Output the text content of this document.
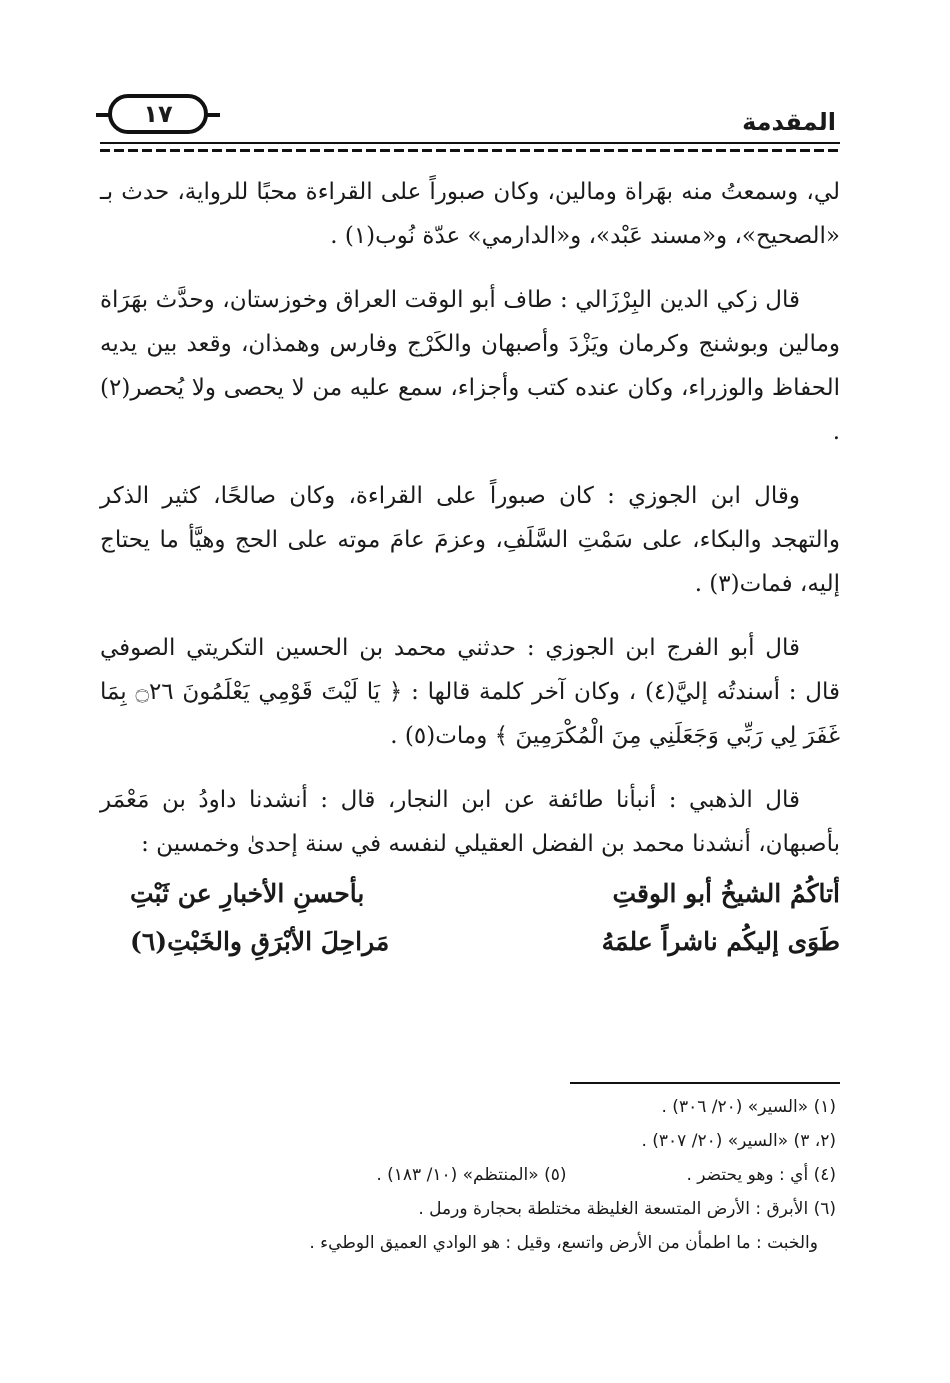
١٧	المقدمة

لي، وسمعتُ منه بهَراة ومالين، وكان صبوراً على القراءة محبًا للرواية، حدث بـ «الصحيح»، و«مسند عَبْد»، و«الدارمي» عدّة نُوب(١) .

قال زكي الدين البِرْزَالي : طاف أبو الوقت العراق وخوزستان، وحدَّث بهَرَاة ومالين وبوشنج وكرمان ويَزْدَ وأصبهان والكَرْج وفارس وهمذان، وقعد بين يديه الحفاظ والوزراء، وكان عنده كتب وأجزاء، سمع عليه من لا يحصى ولا يُحصر(٢) .

وقال ابن الجوزي : كان صبوراً على القراءة، وكان صالحًا، كثير الذكر والتهجد والبكاء، على سَمْتِ السَّلَفِ، وعزمَ عامَ موته على الحج وهيَّأ ما يحتاج إليه، فمات(٣) .

قال أبو الفرج ابن الجوزي : حدثني محمد بن الحسين التكريتي الصوفي قال : أسندتُه إليَّ(٤) ، وكان آخر كلمة قالها : ﴿ يَا لَيْتَ قَوْمِي يَعْلَمُونَ ۝٢٦ بِمَا غَفَرَ لِي رَبِّي وَجَعَلَنِي مِنَ الْمُكْرَمِينَ ﴾ ومات(٥) .

قال الذهبي : أنبأنا طائفة عن ابن النجار، قال : أنشدنا داودُ بن مَعْمَر بأصبهان، أنشدنا محمد بن الفضل العقيلي لنفسه في سنة إحدىٰ وخمسين :

أتاكُمُ الشيخُ أبو الوقتِ
بأحسنِ الأخبارِ عن ثَبْتِ
طَوَى إليكُم ناشراً علمَهُ
مَراحِلَ الأبْرَقِ والخَبْتِ(٦)
(١) «السير» (٢٠/ ٣٠٦) .
(٢، ٣) «السير» (٢٠/ ٣٠٧) .
(٤) أي : وهو يحتضر .
(٥) «المنتظم» (١٠/ ١٨٣) .
(٦) الأبرق : الأرض المتسعة الغليظة مختلطة بحجارة ورمل .
والخبت : ما اطمأن من الأرض واتسع، وقيل : هو الوادي العميق الوطيء .
